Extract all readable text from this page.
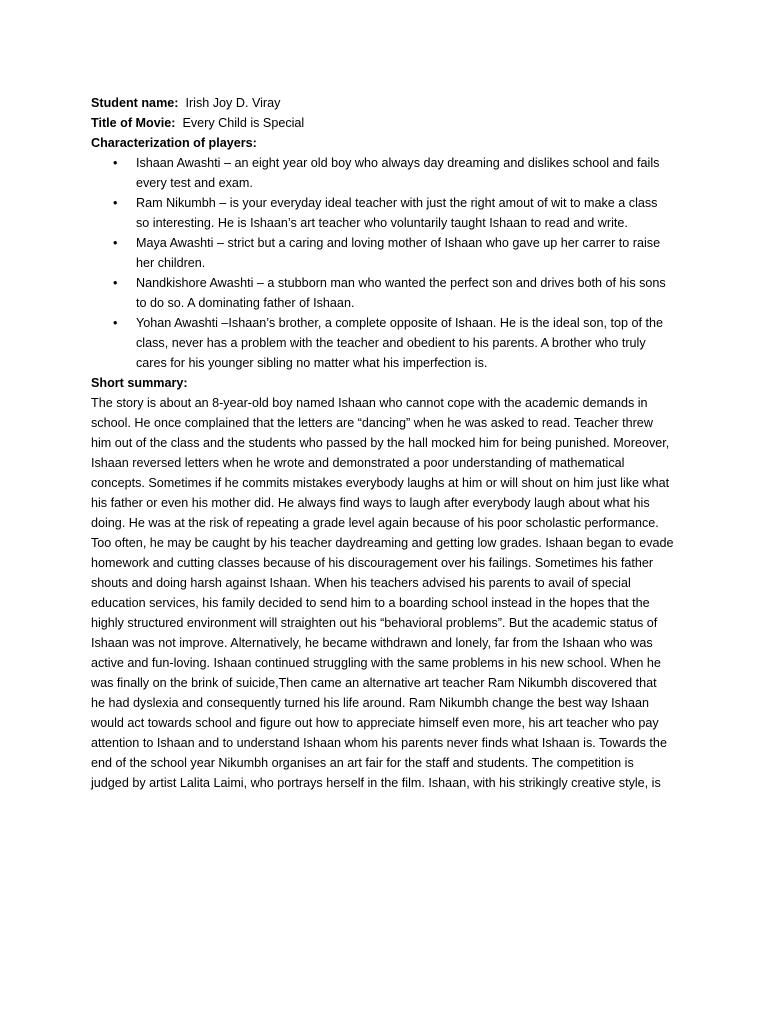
Student name: Irish Joy D. Viray

Title of Movie: Every Child is Special

Characterization of players:

• Ishaan Awashti – an eight year old boy who always day dreaming and dislikes school and fails
every test and exam.
• Ram Nikumbh – is your everyday ideal teacher with just the right amout of wit to make a class
so interesting. He is Ishaan’s art teacher who voluntarily taught Ishaan to read and write.
• Maya Awashti – strict but a caring and loving mother of Ishaan who gave up her carrer to raise
her children.
• Nandkishore Awashti – a stubborn man who wanted the perfect son and drives both of his sons
to do so. A dominating father of Ishaan.
• Yohan Awashti –Ishaan’s brother, a complete opposite of Ishaan. He is the ideal son, top of the
class, never has a problem with the teacher and obedient to his parents. A brother who truly
cares for his younger sibling no matter what his imperfection is.

Short summary:

The story is about an 8-year-old boy named Ishaan who cannot cope with the academic demands in
school. He once complained that the letters are “dancing” when he was asked to read. Teacher threw
him out of the class and the students who passed by the hall mocked him for being punished. Moreover,
Ishaan reversed letters when he wrote and demonstrated a poor understanding of mathematical
concepts. Sometimes if he commits mistakes everybody laughs at him or will shout on him just like what
his father or even his mother did. He always find ways to laugh after everybody laugh about what his
doing. He was at the risk of repeating a grade level again because of his poor scholastic performance.
Too often, he may be caught by his teacher daydreaming and getting low grades. Ishaan began to evade
homework and cutting classes because of his discouragement over his failings. Sometimes his father
shouts and doing harsh against Ishaan. When his teachers advised his parents to avail of special
education services, his family decided to send him to a boarding school instead in the hopes that the
highly structured environment will straighten out his “behavioral problems”. But the academic status of
Ishaan was not improve. Alternatively, he became withdrawn and lonely, far from the Ishaan who was
active and fun-loving. Ishaan continued struggling with the same problems in his new school. When he
was finally on the brink of suicide,Then came an alternative art teacher Ram Nikumbh discovered that
he had dyslexia and consequently turned his life around. Ram Nikumbh change the best way Ishaan
would act towards school and figure out how to appreciate himself even more, his art teacher who pay
attention to Ishaan and to understand Ishaan whom his parents never finds what Ishaan is. Towards the
end of the school year Nikumbh organises an art fair for the staff and students. The competition is
judged by artist Lalita Laimi, who portrays herself in the film. Ishaan, with his strikingly creative style, is
